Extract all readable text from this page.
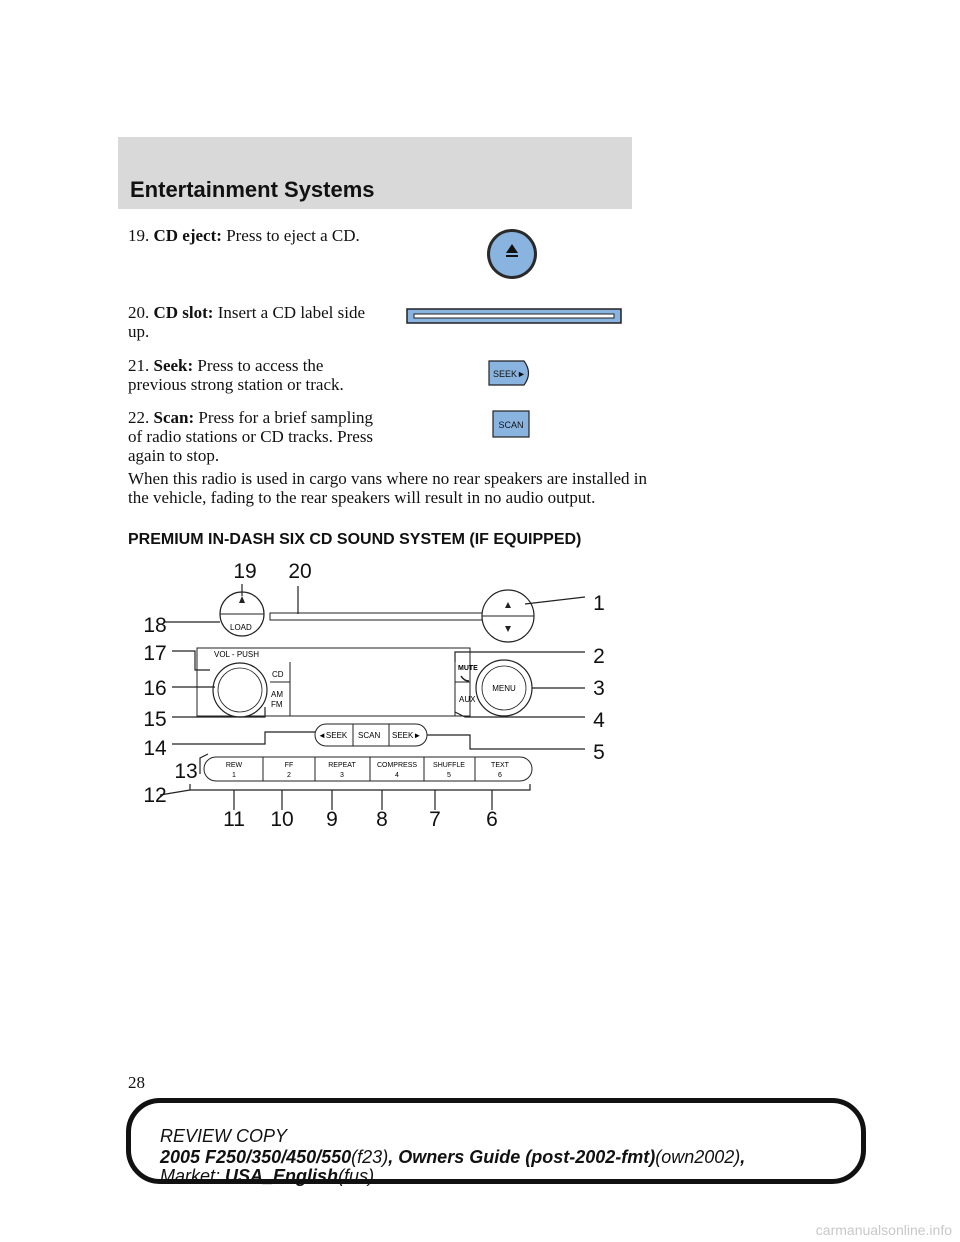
Entertainment Systems
19. CD eject: Press to eject a CD.
20. CD slot: Insert a CD label side up.
21. Seek: Press to access the previous strong station or track.
SEEK►
22. Scan: Press for a brief sampling of radio stations or CD tracks. Press again to stop.
SCAN
When this radio is used in cargo vans where no rear speakers are installed in the vehicle, fading to the rear speakers will result in no audio output.
PREMIUM IN-DASH SIX CD SOUND SYSTEM (IF EQUIPPED)
LOAD
VOL - PUSH
CD
AM
FM
MUTE
AUX
MENU
◄SEEK SCAN SEEK►
REW
1
FF
2
REPEAT
3
COMPRESS
4
SHUFFLE
5
TEXT
6
19 20
1
18
2
17
3
16
4
15
5
14
13
12
11 10 9 8 7 6
28
REVIEW COPY
2005 F250/350/450/550(f23), Owners Guide (post-2002-fmt)(own2002),
Market: USA_English(fus)
carmanualsonline.info
